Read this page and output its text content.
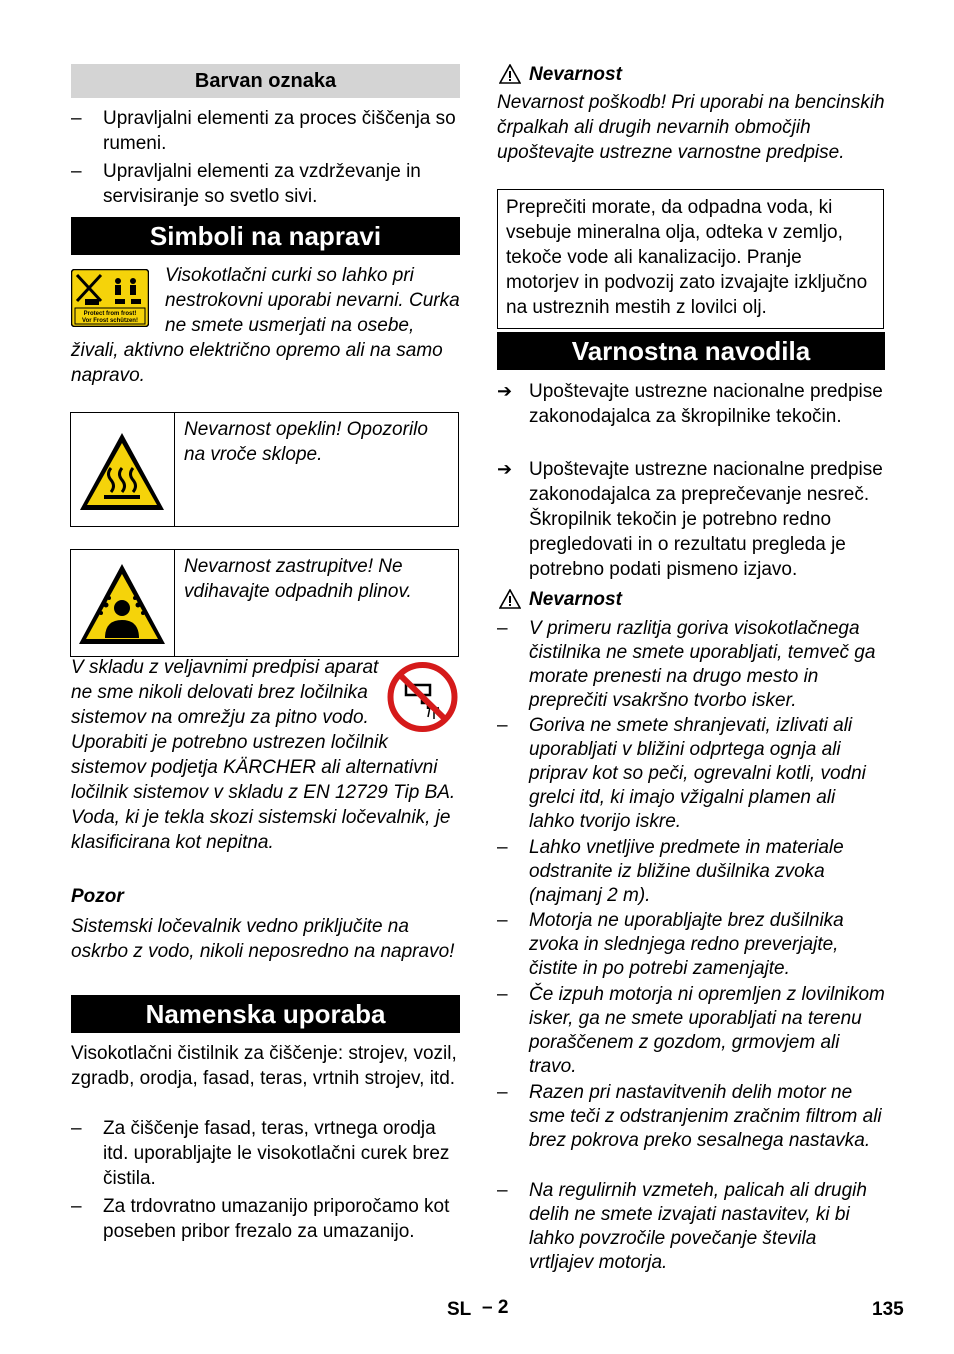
Barvan oznaka
–	Upravljalni elementi za proces čiščenja so rumeni.
–	Upravljalni elementi za vzdrževanje in servisiranje so svetlo sivi.
Simboli na napravi
Protect from frost!
Vor Frost schützen!
Visokotlačni curki so lahko pri nestrokovni uporabi nevarni. Curka ne smete usmerjati na osebe, živali, aktivno električno opremo ali na samo napravo.
Nevarnost opeklin! Opozorilo na vroče sklope.
Nevarnost zastrupitve! Ne vdihavajte odpadnih plinov.
V skladu z veljavnimi predpisi aparat ne sme nikoli delovati brez ločilnika sistemov na omrežju za pitno vodo. Uporabiti je potrebno ustrezen ločilnik sistemov podjetja KÄRCHER ali alternativni ločilnik sistemov v skladu z EN 12729 Tip BA. Voda, ki je tekla skozi sistemski ločevalnik, je klasificirana kot nepitna.
Pozor
Sistemski ločevalnik vedno priključite na oskrbo z vodo, nikoli neposredno na napravo!
Namenska uporaba
Visokotlačni čistilnik za čiščenje: strojev, vozil, zgradb, orodja, fasad, teras, vrtnih strojev, itd.
–	Za čiščenje fasad, teras, vrtnega orodja itd. uporabljajte le visokotlačni curek brez čistila.
–	Za trdovratno umazanijo priporočamo kot poseben pribor frezalo za umazanijo.
Nevarnost
Nevarnost poškodb! Pri uporabi na bencinskih črpalkah ali drugih nevarnih območjih upoštevajte ustrezne varnostne predpise.
Preprečiti morate, da odpadna voda, ki vsebuje mineralna olja, odteka v zemljo, tekoče vode ali kanalizacijo. Pranje motorjev in podvozij zato izvajajte izključno na ustreznih mestih z lovilci olj.
Varnostna navodila
➔ Upoštevajte ustrezne nacionalne predpise zakonodajalca za škropilnike tekočin.
➔ Upoštevajte ustrezne nacionalne predpise zakonodajalca za preprečevanje nesreč. Škropilnik tekočin je potrebno redno pregledovati in o rezultatu pregleda je potrebno podati pismeno izjavo.
Nevarnost
–	V primeru razlitja goriva visokotlačnega čistilnika ne smete uporabljati, temveč ga morate prenesti na drugo mesto in preprečiti vsakršno tvorbo isker.
–	Goriva ne smete shranjevati, izlivati ali uporabljati v bližini odprtega ognja ali priprav kot so peči, ogrevalni kotli, vodni grelci itd, ki imajo vžigalni plamen ali lahko tvorijo iskre.
–	Lahko vnetljive predmete in materiale odstranite iz bližine dušilnika zvoka (najmanj 2 m).
–	Motorja ne uporabljajte brez dušilnika zvoka in slednjega redno preverjajte, čistite in po potrebi zamenjajte.
–	Če izpuh motorja ni opremljen z lovilnikom isker, ga ne smete uporabljati na terenu poraščenem z gozdom, grmovjem ali travo.
–	Razen pri nastavitvenih delih motor ne sme teči z odstranjenim zračnim filtrom ali brez pokrova preko sesalnega nastavka.
–	Na regulirnih vzmeteh, palicah ali drugih delih ne smete izvajati nastavitev, ki bi lahko povzročile povečanje števila vrtljajev motorja.
SL – 2	135
